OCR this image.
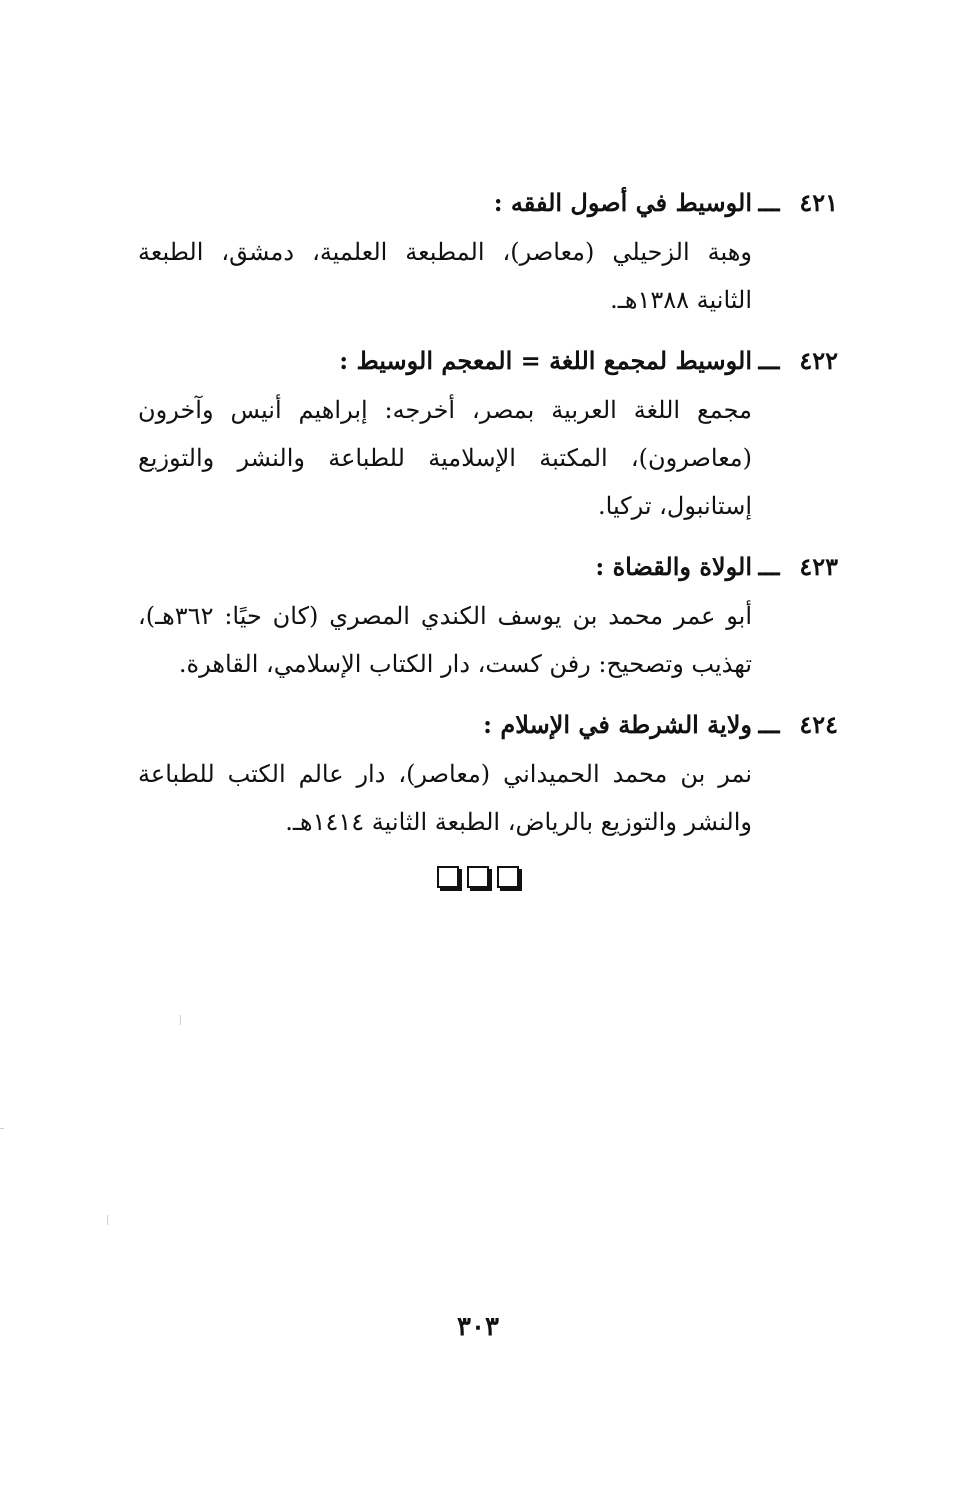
٤٢١
ـــ
الوسيط في أصول الفقه :
وهبة الزحيلي (معاصر)، المطبعة العلمية، دمشق، الطبعة الثانية ١٣٨٨هـ.
٤٢٢
ـــ
الوسيط لمجمع اللغة = المعجم الوسيط :
مجمع اللغة العربية بمصر، أخرجه: إبراهيم أنيس وآخرون (معاصرون)، المكتبة الإسلامية للطباعة والنشر والتوزيع إستانبول، تركيا.
٤٢٣
ـــ
الولاة والقضاة :
أبو عمر محمد بن يوسف الكندي المصري (كان حيًا: ٣٦٢هـ)، تهذيب وتصحيح: رفن كست، دار الكتاب الإسلامي، القاهرة.
٤٢٤
ـــ
ولاية الشرطة في الإسلام :
نمر بن محمد الحميداني (معاصر)، دار عالم الكتب للطباعة والنشر والتوزيع بالرياض، الطبعة الثانية ١٤١٤هـ.
٣٠٣
